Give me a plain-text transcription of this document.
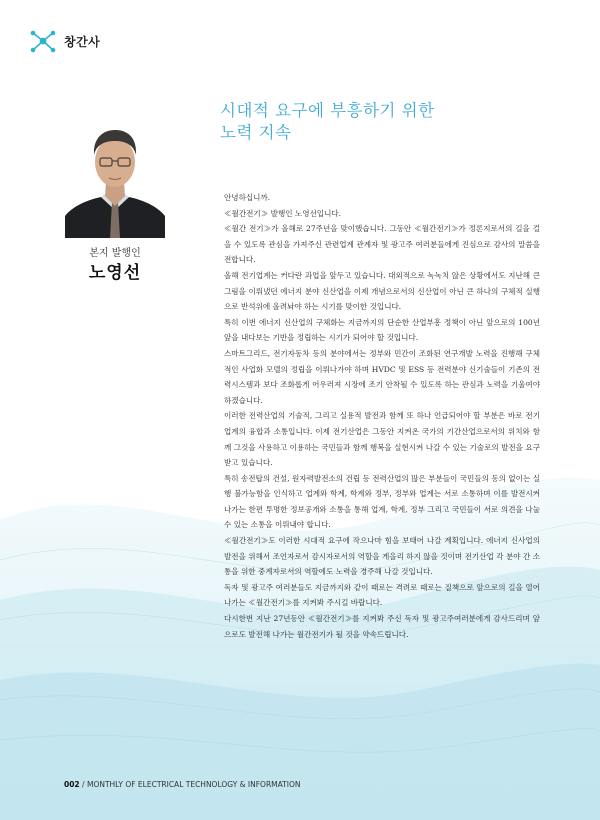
창간사
시대적 요구에 부흥하기 위한
노력 지속
본지 발행인
노영선

안녕하십니까.

≪월간전기≫ 발행인 노영선입니다.

≪월간 전기≫가 올해로 27주년을 맞이했습니다. 그동안 ≪월간전기≫가 정론지로서의 길을 걸을 수 있도록 관심을 가져주신 관련업계 관계자 및 광고주 여러분들에게 진심으로 감사의 말씀을 전합니다.

올해 전기업계는 커다란 과업을 앞두고 있습니다. 대외적으로 녹녹치 않은 상황에서도 지난해 큰 그림을 이뤄냈던 에너지 분야 신산업을 이제 개념으로서의 신산업이 아닌 큰 하나의 구체적 실행으로 반석위에 올려놔야 하는 시기를 맞이한 것입니다.

특히 이번 에너지 신산업의 구체화는 지금까지의 단순한 산업부흥 정책이 아닌 앞으로의 100년 앞을 내다보는 기반을 정립하는 시기가 되어야 할 것입니다.

스마트그리드, 전기자동차 등의 분야에서는 정부와 민간이 조화된 연구개발 노력을 진행해 구체적인 사업화 모델의 정립을 이뤄나가야 하며 HVDC 및 ESS 등 전력분야 신기술들이 기존의 전력시스템과 보다 조화롭게 어우러져 시장에 조기 안착될 수 있도록 하는 관심과 노력을 기울여야 하겠습니다.

이러한 전력산업의 기술적, 그리고 실용적 발전과 함께 또 하나 언급되어야 할 부분은 바로 전기업계의 융합과 소통입니다. 이제 전기산업은 그동안 지켜온 국가의 기간산업으로서의 위치와 함께 그것을 사용하고 이용하는 국민들과 함께 행복을 실현시켜 나갈 수 있는 기술로의 발전을 요구받고 있습니다.

특히 송전탑의 건설, 원자력발전소의 건립 등 전력산업의 많은 부분들이 국민들의 동의 없이는 실행 불가능함을 인식하고 업계와 학계, 학계와 정부, 정부와 업계는 서로 소통하며 이를 발전시켜 나가는 한편 투명한 정보공개와 소통을 통해 업계, 학계, 정부 그리고 국민들이 서로 의견을 나눌 수 있는 소통을 이뤄내야 합니다.

≪월간전기≫도 이러한 시대적 요구에 작으나마 힘을 보태어 나갈 계획입니다. 에너지 신사업의 발전을 위해서 조언자로서 감시자로서의 역할을 게을리 하지 않을 것이며 전기산업 각 분야 간 소통을 위한 중계자로서의 역할에도 노력을 경주해 나갈 것입니다.

독자 및 광고주 여러분들도 지금까지와 같이 때로는 격려로 때로는 질책으로 앞으로의 길을 열어나가는 ≪월간전기≫를 지켜봐 주시길 바랍니다.

다시한번 지난 27년동안 ≪월간전기≫를 지켜봐 주신 독자 및 광고주여러분에게 감사드리며 앞으로도 발전해 나가는 월간전기가 될 것을 약속드립니다.

002 / MONTHLY OF ELECTRICAL TECHNOLOGY & INFORMATION
